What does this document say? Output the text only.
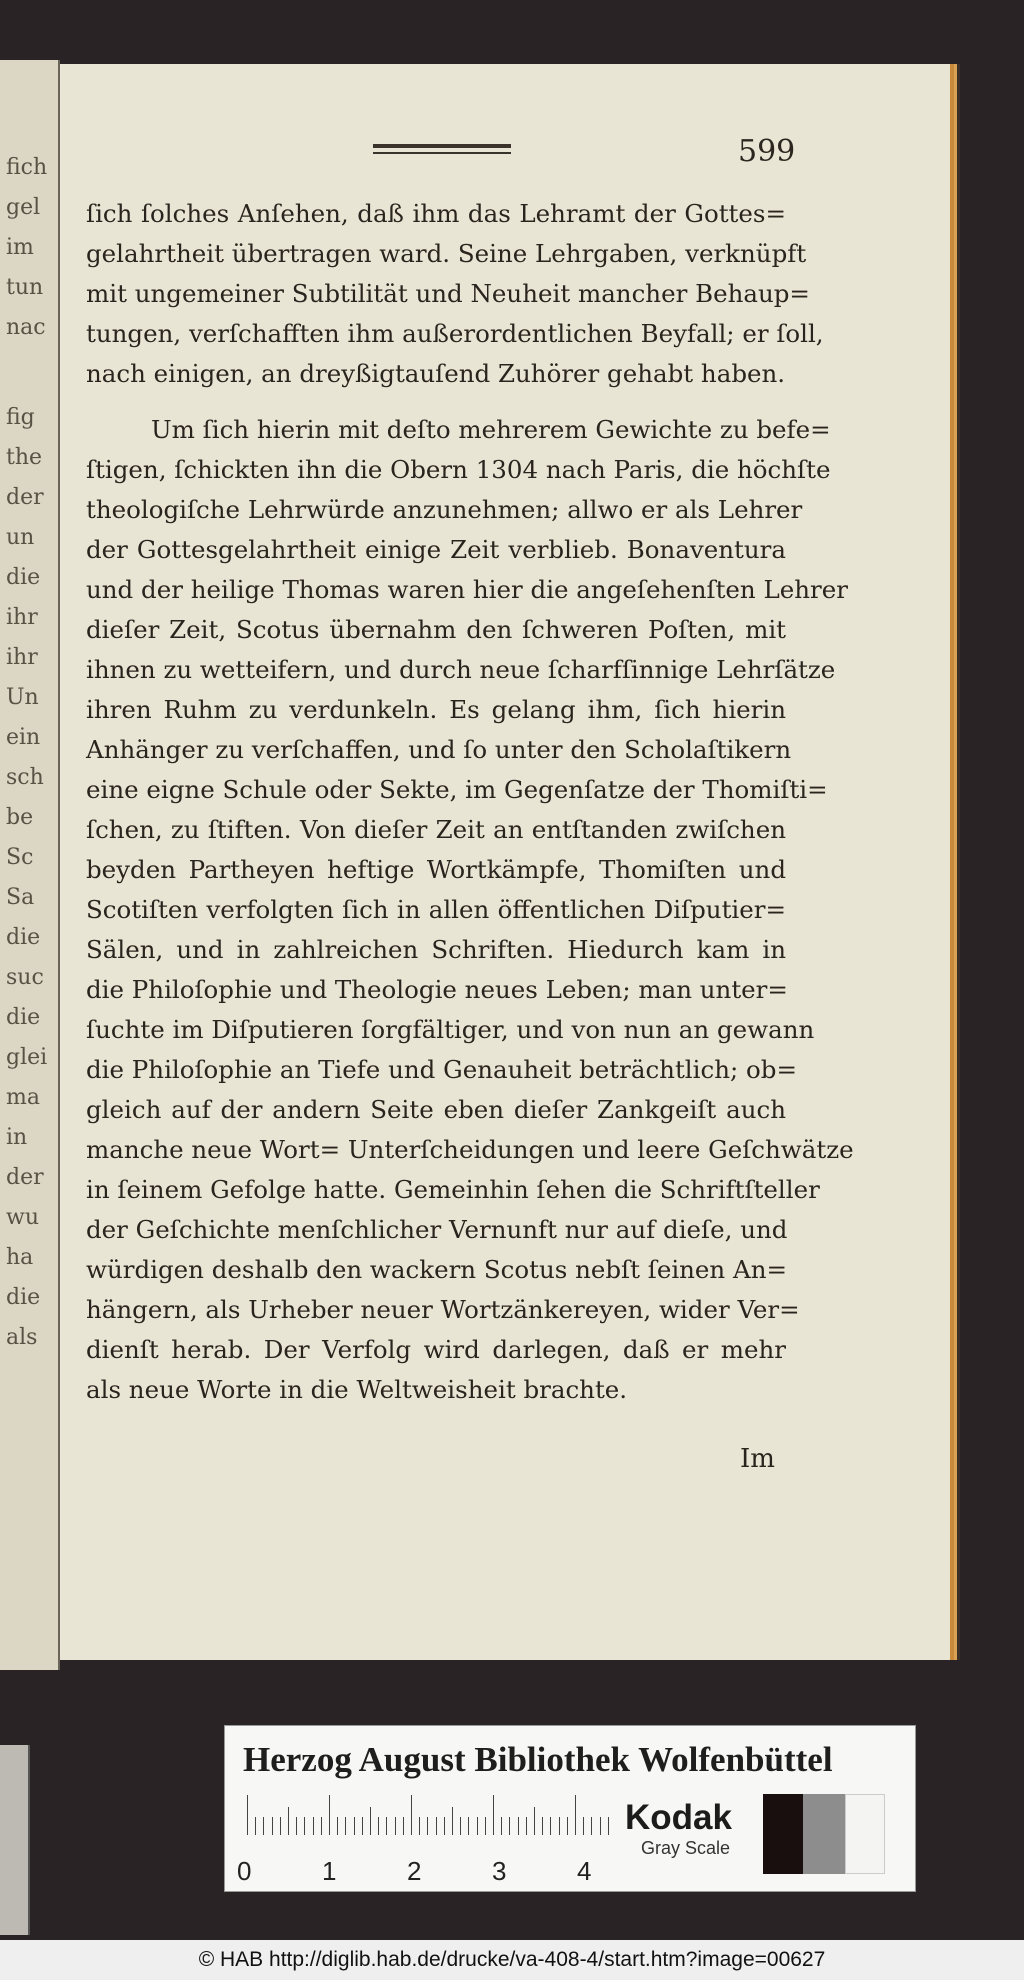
fich
gel
im
tun
nac
fig
the
der
un
die
ihr
ihr
Un
ein
sch
be
Sc
Sa
die
suc
die
glei
ma
in
der
wu
ha
die
als
599
ſich ſolches Anſehen, daß ihm das Lehramt der Gottes=
gelahrtheit übertragen ward. Seine Lehrgaben, verknüpft
mit ungemeiner Subtilität und Neuheit mancher Behaup=
tungen, verſchafften ihm außerordentlichen Beyfall; er ſoll,
nach einigen, an dreyßigtauſend Zuhörer gehabt haben.
Um ſich hierin mit deſto mehrerem Gewichte zu befe=
ſtigen, ſchickten ihn die Obern 1304 nach Paris, die höchſte
theologiſche Lehrwürde anzunehmen; allwo er als Lehrer
der Gottesgelahrtheit einige Zeit verblieb. Bonaventura
und der heilige Thomas waren hier die angeſehenſten Lehrer
dieſer Zeit, Scotus übernahm den ſchweren Poſten, mit
ihnen zu wetteifern, und durch neue ſcharfſinnige Lehrſätze
ihren Ruhm zu verdunkeln. Es gelang ihm, ſich hierin
Anhänger zu verſchaffen, und ſo unter den Scholaſtikern
eine eigne Schule oder Sekte, im Gegenſatze der Thomiſti=
ſchen, zu ſtiften. Von dieſer Zeit an entſtanden zwiſchen
beyden Partheyen heftige Wortkämpfe, Thomiſten und
Scotiſten verfolgten ſich in allen öffentlichen Diſputier=
Sälen, und in zahlreichen Schriften. Hiedurch kam in
die Philoſophie und Theologie neues Leben; man unter=
ſuchte im Diſputieren ſorgfältiger, und von nun an gewann
die Philoſophie an Tiefe und Genauheit beträchtlich; ob=
gleich auf der andern Seite eben dieſer Zankgeiſt auch
manche neue Wort= Unterſcheidungen und leere Geſchwätze
in ſeinem Gefolge hatte. Gemeinhin ſehen die Schriftſteller
der Geſchichte menſchlicher Vernunft nur auf dieſe, und
würdigen deshalb den wackern Scotus nebſt ſeinen An=
hängern, als Urheber neuer Wortzänkereyen, wider Ver=
dienſt herab. Der Verfolg wird darlegen, daß er mehr
als neue Worte in die Weltweisheit brachte.
Im
Herzog August Bibliothek Wolfenbüttel
0	1	2	3	4
Kodak
Gray Scale
© HAB http://diglib.hab.de/drucke/va-408-4/start.htm?image=00627
